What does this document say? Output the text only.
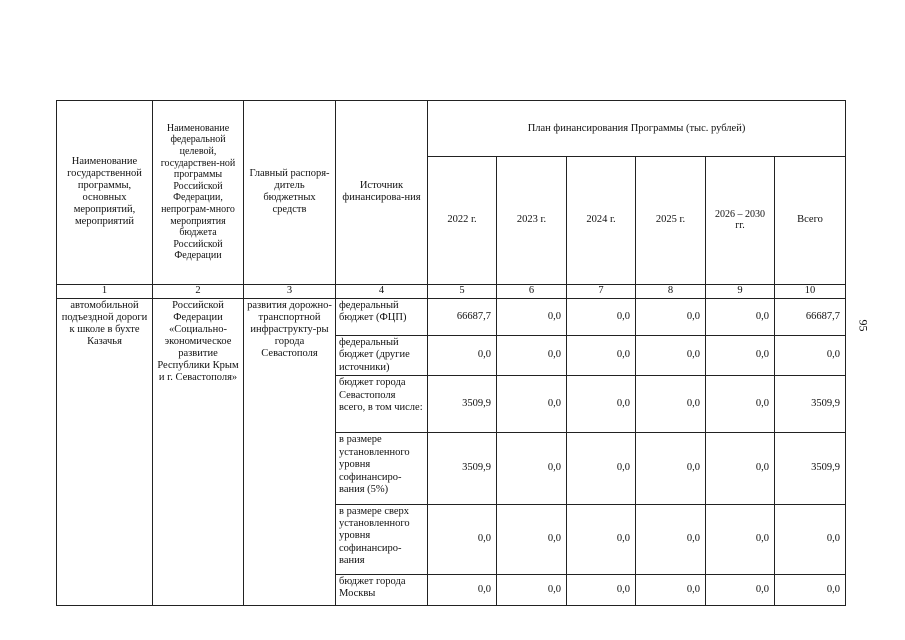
95
Наименование государственной программы, основных мероприятий, мероприятий	Наименование федеральной целевой, государствен-ной программы Российской Федерации, непрограм-много мероприятия бюджета Российской Федерации	Главный распоря-дитель бюджетных средств	Источник финансирова-ния	План финансирования Программы (тыс. рублей)					
				2022 г.	2023 г.	2024 г.	2025 г.	2026 – 2030 гг.	Всего
1	2	3	4	5	6	7	8	9	10
автомобильной подъездной дороги к школе в бухте Казачья	Российской Федерации «Социально-экономическое развитие Республики Крым и г. Севастополя»	развития дорожно-транспортной инфраструкту-ры города Севастополя	федеральный бюджет (ФЦП)	66687,7	0,0	0,0	0,0	0,0	66687,7
			федеральный бюджет (другие источники)	0,0	0,0	0,0	0,0	0,0	0,0
			бюджет города Севастополя всего, в том числе:	3509,9	0,0	0,0	0,0	0,0	3509,9
			в размере установленного уровня софинансиро-вания (5%)	3509,9	0,0	0,0	0,0	0,0	3509,9
			в размере сверх установленного уровня софинансиро-вания	0,0	0,0	0,0	0,0	0,0	0,0
			бюджет города Москвы	0,0	0,0	0,0	0,0	0,0	0,0
